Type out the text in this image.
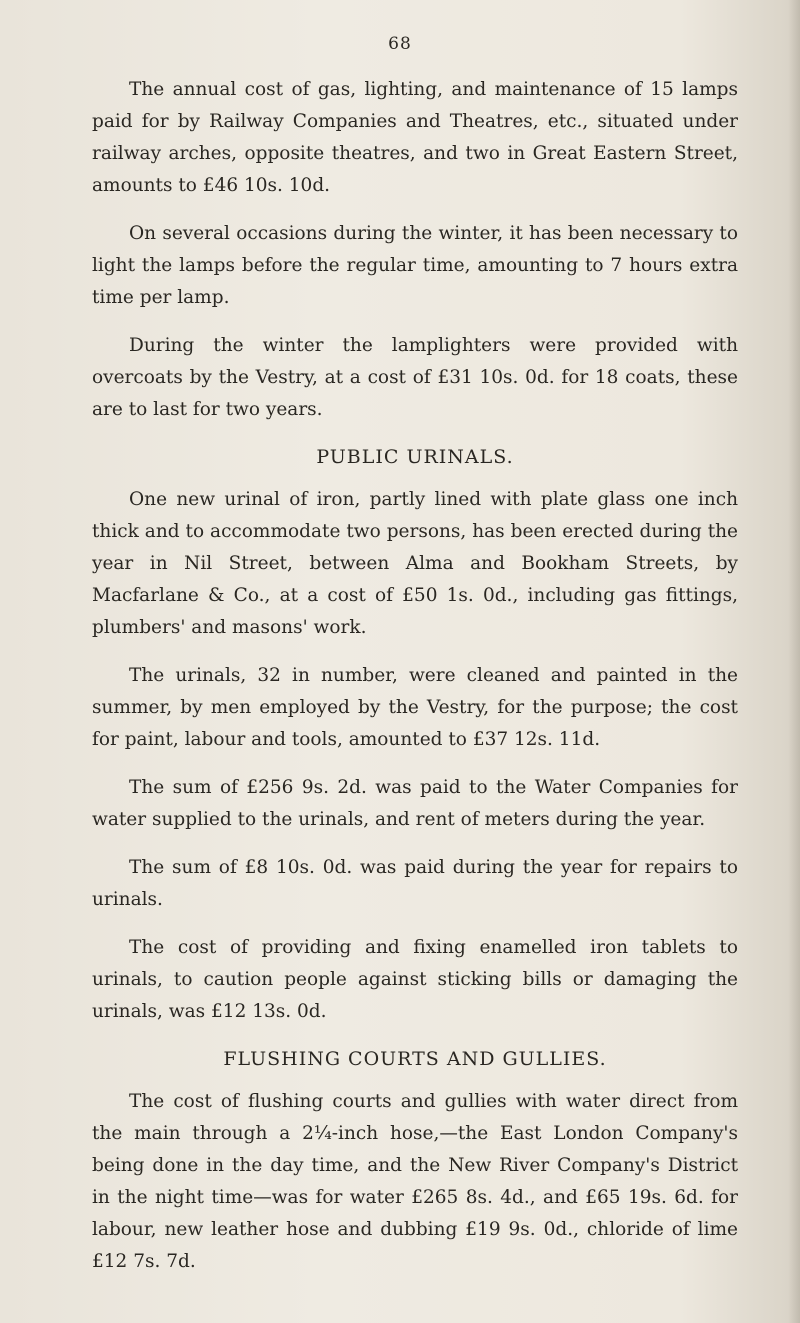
68

The annual cost of gas, lighting, and maintenance of 15 lamps paid for by Railway Companies and Theatres, etc., situated under railway arches, opposite theatres, and two in Great Eastern Street, amounts to £46 10s. 10d.

On several occasions during the winter, it has been necessary to light the lamps before the regular time, amounting to 7 hours extra time per lamp.

During the winter the lamplighters were provided with overcoats by the Vestry, at a cost of £31 10s. 0d. for 18 coats, these are to last for two years.

PUBLIC URINALS.

One new urinal of iron, partly lined with plate glass one inch thick and to accommodate two persons, has been erected during the year in Nil Street, between Alma and Bookham Streets, by Macfarlane & Co., at a cost of £50 1s. 0d., including gas fittings, plumbers' and masons' work.

The urinals, 32 in number, were cleaned and painted in the summer, by men employed by the Vestry, for the purpose; the cost for paint, labour and tools, amounted to £37 12s. 11d.

The sum of £256 9s. 2d. was paid to the Water Companies for water supplied to the urinals, and rent of meters during the year.

The sum of £8 10s. 0d. was paid during the year for repairs to urinals.

The cost of providing and fixing enamelled iron tablets to urinals, to caution people against sticking bills or damaging the urinals, was £12 13s. 0d.

FLUSHING COURTS AND GULLIES.

The cost of flushing courts and gullies with water direct from the main through a 2¼-inch hose,—the East London Company's being done in the day time, and the New River Company's District in the night time—was for water £265 8s. 4d., and £65 19s. 6d. for labour, new leather hose and dubbing £19 9s. 0d., chloride of lime £12 7s. 7d.
